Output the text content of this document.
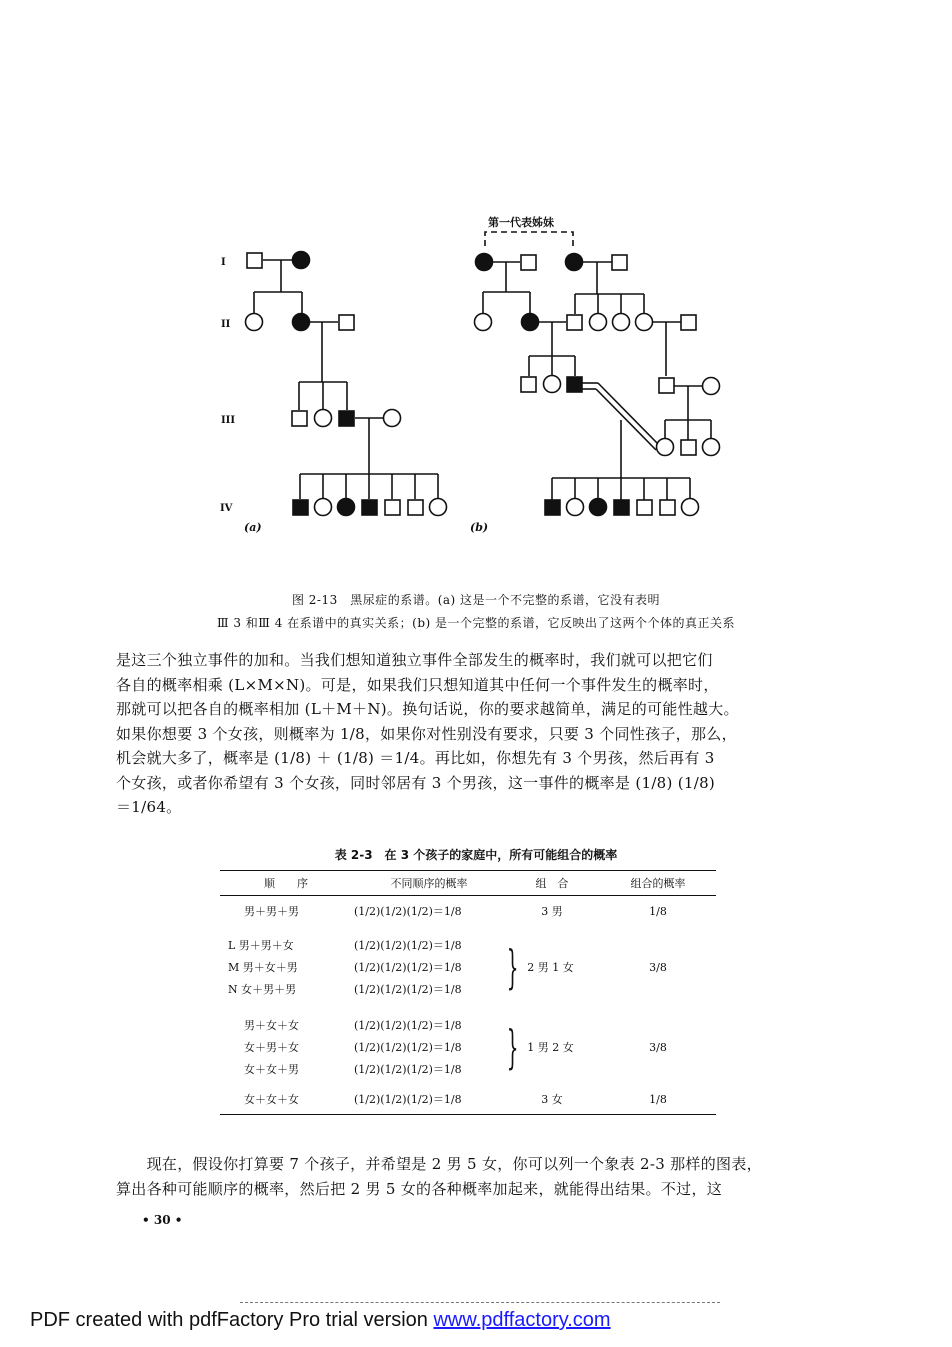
第一代表姊妹
I
II
III
IV
(a)	(b)
图 2-13　黑尿症的系谱。(a) 这是一个不完整的系谱，它没有表明
Ⅲ 3 和Ⅲ 4 在系谱中的真实关系；(b) 是一个完整的系谱，它反映出了这两个个体的真正关系

是这三个独立事件的加和。当我们想知道独立事件全部发生的概率时，我们就可以把它们

各自的概率相乘 (L×M×N)。可是，如果我们只想知道其中任何一个事件发生的概率时，

那就可以把各自的概率相加 (L＋M＋N)。换句话说，你的要求越简单，满足的可能性越大。

如果你想要 3 个女孩，则概率为 1/8，如果你对性别没有要求，只要 3 个同性孩子，那么，

机会就大多了，概率是 (1/8) ＋ (1/8) ＝1/4。再比如，你想先有 3 个男孩，然后再有 3

个女孩，或者你希望有 3 个女孩，同时邻居有 3 个男孩，这一事件的概率是 (1/8) (1/8)

＝1/64。

表 2-3　在 3 个孩子的家庭中，所有可能组合的概率
顺　　序	不同顺序的概率	组　合	组合的概率
男＋男＋男	(1/2)(1/2)(1/2)＝1/8	3 男	1/8
L 男＋男＋女	(1/2)(1/2)(1/2)＝1/8
M 男＋女＋男	(1/2)(1/2)(1/2)＝1/8
N 女＋男＋男	(1/2)(1/2)(1/2)＝1/8 } 2 男 1 女	3/8
男＋女＋女	(1/2)(1/2)(1/2)＝1/8
女＋男＋女	(1/2)(1/2)(1/2)＝1/8
女＋女＋男	(1/2)(1/2)(1/2)＝1/8 } 1 男 2 女	3/8
女＋女＋女	(1/2)(1/2)(1/2)＝1/8	3 女	1/8

　　现在，假设你打算要 7 个孩子，并希望是 2 男 5 女，你可以列一个象表 2-3 那样的图表，

算出各种可能顺序的概率，然后把 2 男 5 女的各种概率加起来，就能得出结果。不过，这

• 30 •
PDF created with pdfFactory Pro trial version www.pdffactory.com
